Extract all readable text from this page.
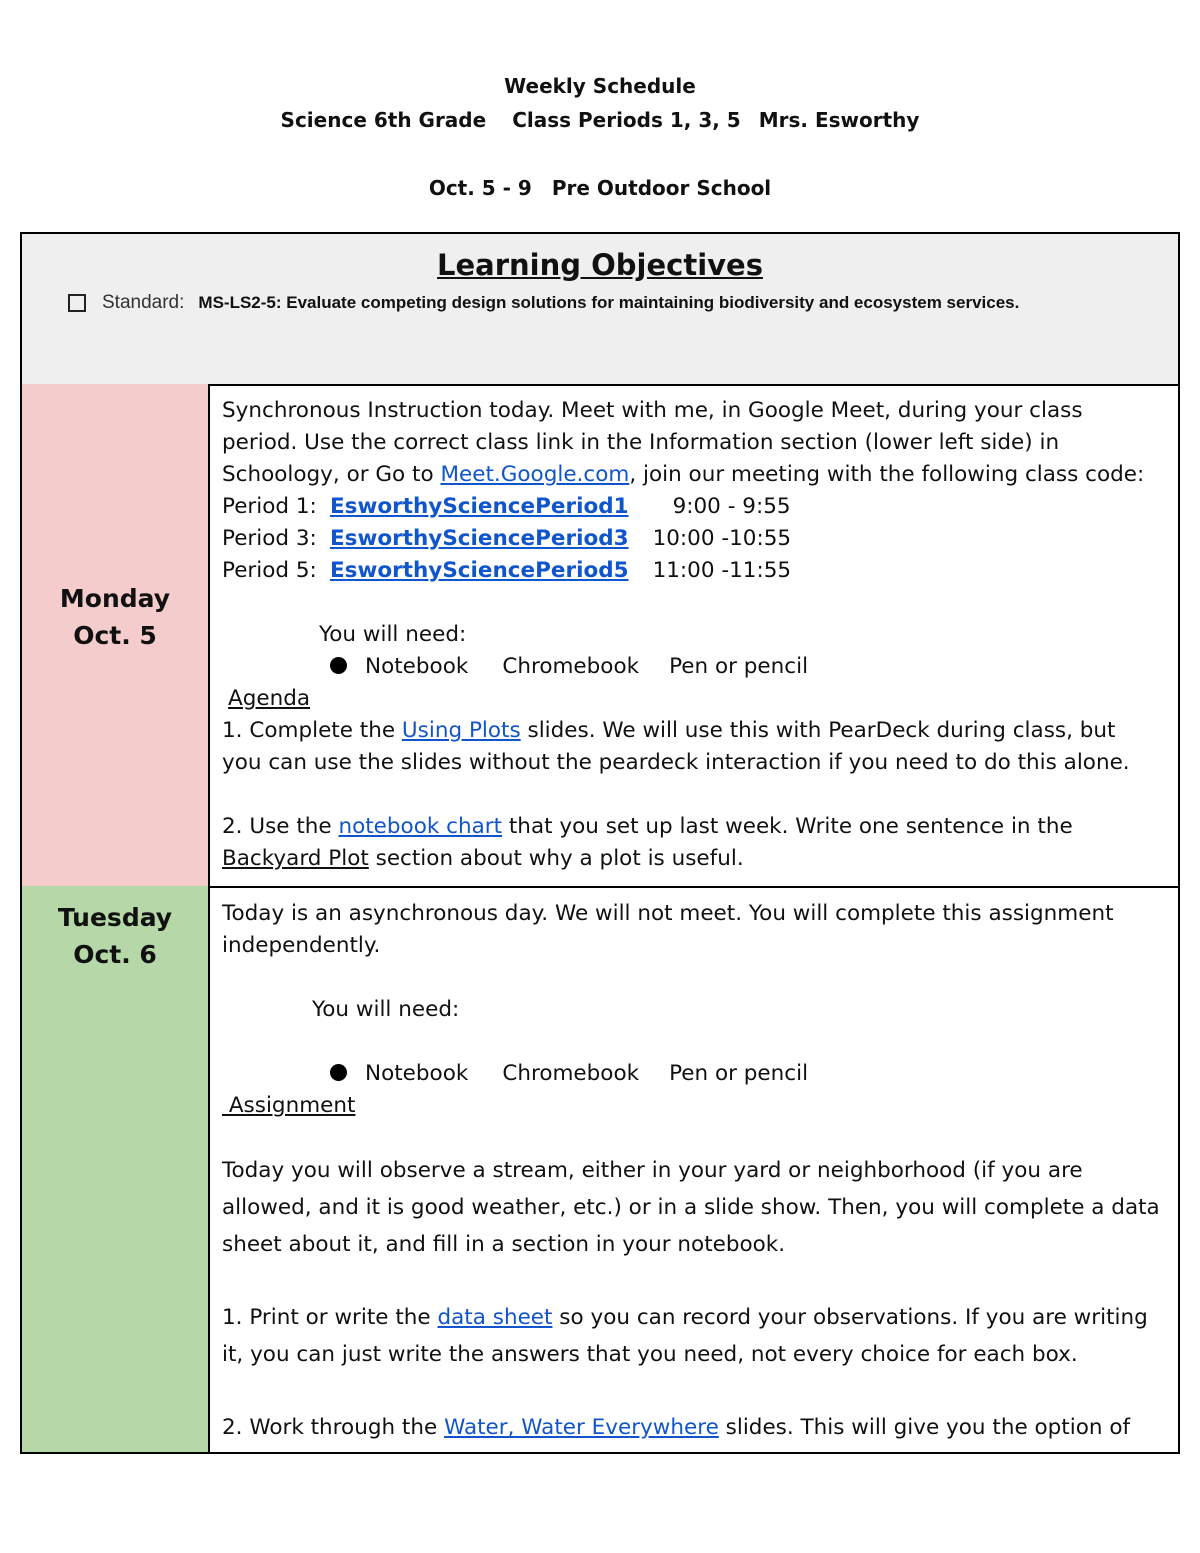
Weekly Schedule
Science 6th Grade Class Periods 1, 3, 5 Mrs. Esworthy
Oct. 5 - 9 Pre Outdoor School
Learning Objectives
Standard: MS-LS2-5: Evaluate competing design solutions for maintaining biodiversity and ecosystem services.
Monday
Oct. 5
Synchronous Instruction today. Meet with me, in Google Meet, during your class
period. Use the correct class link in the Information section (lower left side) in
Schoology, or Go to Meet.Google.com, join our meeting with the following class code:
Period 1: EsworthySciencePeriod1 9:00 - 9:55
Period 3: EsworthySciencePeriod3 10:00 -10:55
Period 5: EsworthySciencePeriod5 11:00 -11:55
You will need:
Notebook Chromebook Pen or pencil
Agenda
1. Complete the Using Plots slides. We will use this with PearDeck during class, but
you can use the slides without the peardeck interaction if you need to do this alone.
2. Use the notebook chart that you set up last week. Write one sentence in the
Backyard Plot section about why a plot is useful.
Tuesday
Oct. 6
Today is an asynchronous day. We will not meet. You will complete this assignment
independently.
You will need:
Notebook Chromebook Pen or pencil
Assignment
Today you will observe a stream, either in your yard or neighborhood (if you are
allowed, and it is good weather, etc.) or in a slide show. Then, you will complete a data
sheet about it, and fill in a section in your notebook.
1. Print or write the data sheet so you can record your observations. If you are writing
it, you can just write the answers that you need, not every choice for each box.
2. Work through the Water, Water Everywhere slides. This will give you the option of
